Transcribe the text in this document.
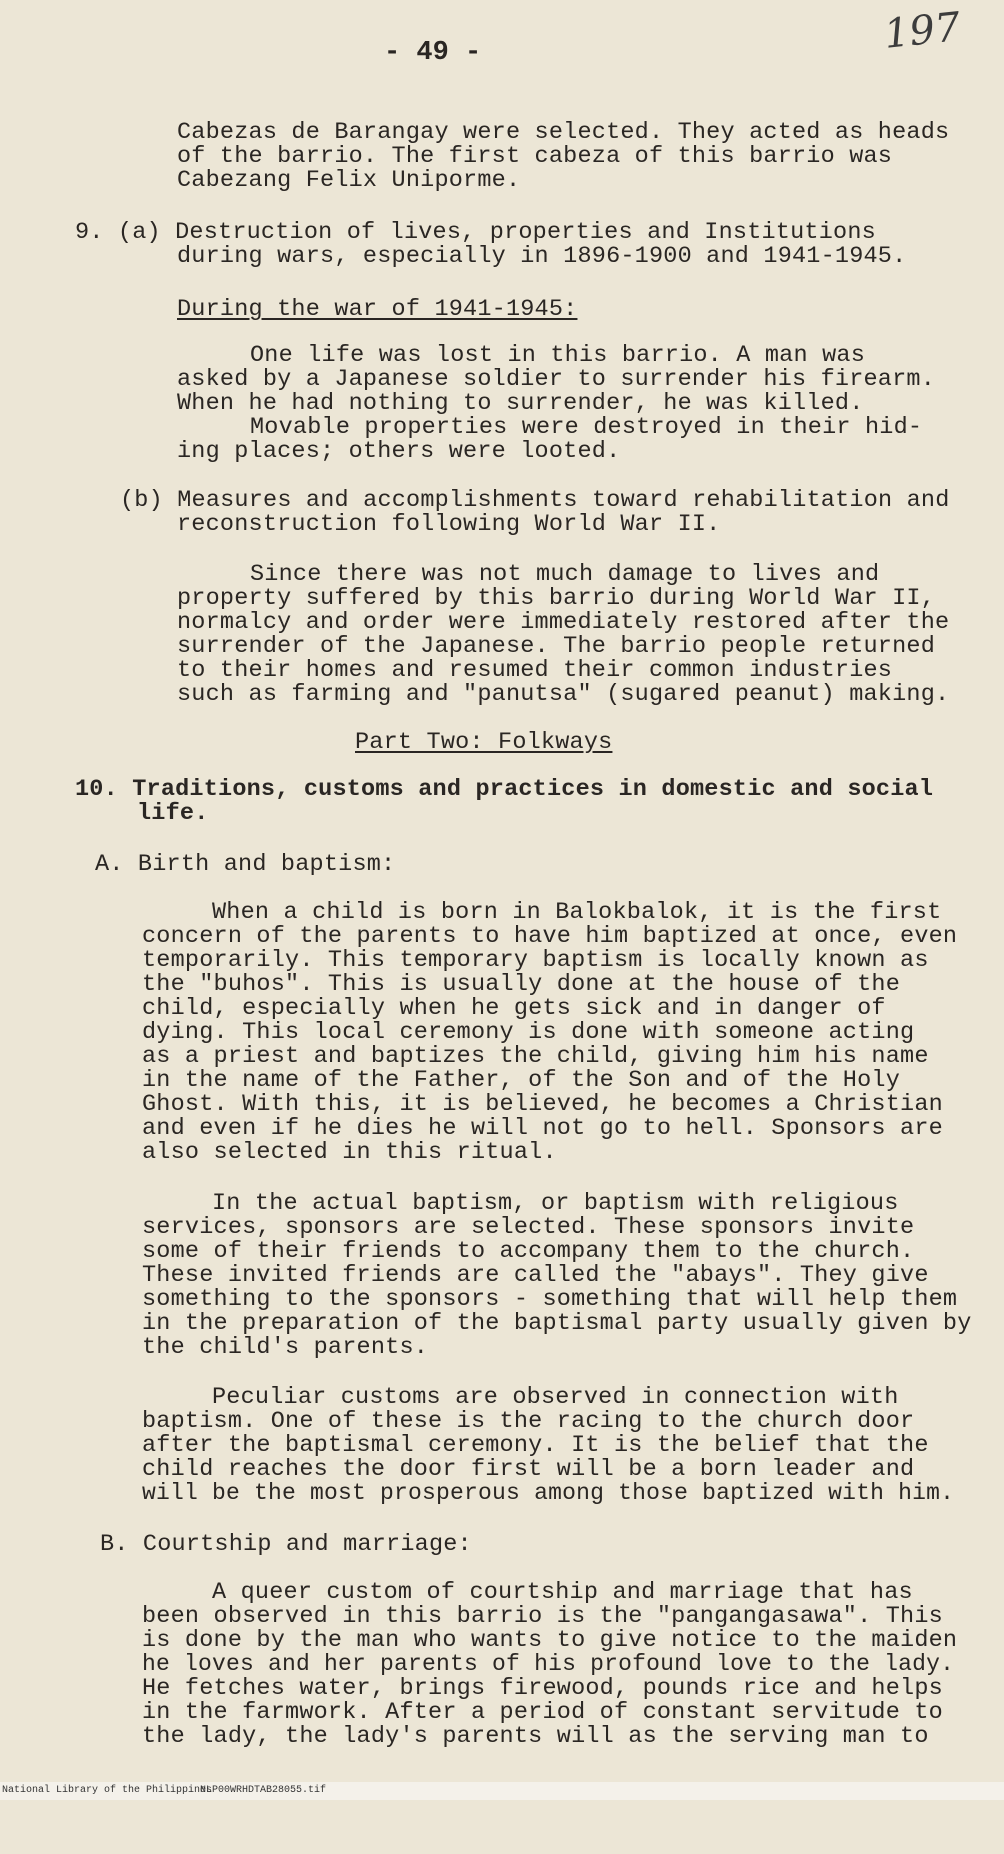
197
- 49 -
Cabezas de Barangay were selected. They acted as heads
of the barrio. The first cabeza of this barrio was
Cabezang Felix Uniporme.
9. (a) Destruction of lives, properties and Institutions
during wars, especially in 1896-1900 and 1941-1945.
During the war of 1941-1945:
One life was lost in this barrio. A man was
asked by a Japanese soldier to surrender his firearm.
When he had nothing to surrender, he was killed.
Movable properties were destroyed in their hid-
ing places; others were looted.
(b) Measures and accomplishments toward rehabilitation and
reconstruction following World War II.
Since there was not much damage to lives and
property suffered by this barrio during World War II,
normalcy and order were immediately restored after the
surrender of the Japanese. The barrio people returned
to their homes and resumed their common industries
such as farming and "panutsa" (sugared peanut) making.
Part Two: Folkways
10. Traditions, customs and practices in domestic and social
life.
A. Birth and baptism:
When a child is born in Balokbalok, it is the first
concern of the parents to have him baptized at once, even
temporarily. This temporary baptism is locally known as
the "buhos". This is usually done at the house of the
child, especially when he gets sick and in danger of
dying. This local ceremony is done with someone acting
as a priest and baptizes the child, giving him his name
in the name of the Father, of the Son and of the Holy
Ghost. With this, it is believed, he becomes a Christian
and even if he dies he will not go to hell. Sponsors are
also selected in this ritual.
In the actual baptism, or baptism with religious
services, sponsors are selected. These sponsors invite
some of their friends to accompany them to the church.
These invited friends are called the "abays". They give
something to the sponsors - something that will help them
in the preparation of the baptismal party usually given by
the child's parents.
Peculiar customs are observed in connection with
baptism. One of these is the racing to the church door
after the baptismal ceremony. It is the belief that the
child reaches the door first will be a born leader and
will be the most prosperous among those baptized with him.
B. Courtship and marriage:
A queer custom of courtship and marriage that has
been observed in this barrio is the "pangangasawa". This
is done by the man who wants to give notice to the maiden
he loves and her parents of his profound love to the lady.
He fetches water, brings firewood, pounds rice and helps
in the farmwork. After a period of constant servitude to
the lady, the lady's parents will as the serving man to

National Library of the Philippines

NLP00WRHDTAB28055.tif
